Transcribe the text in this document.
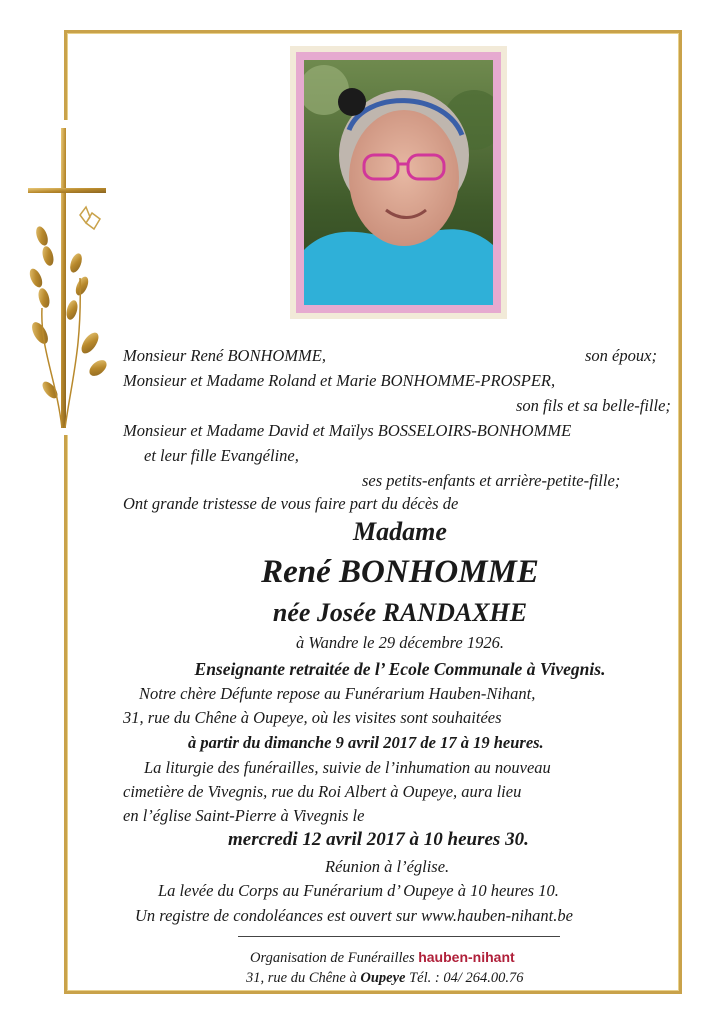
Monsieur René BONHOMME,	son époux;
Monsieur et Madame Roland et Marie BONHOMME-PROSPER,
son fils et sa belle-fille;
Monsieur et Madame David et Maïlys BOSSELOIRS-BONHOMME
et leur fille Evangéline,
ses petits-enfants et arrière-petite-fille;
Ont grande tristesse de vous faire part du décès de
Madame
René BONHOMME
née Josée RANDAXHE
à Wandre le 29 décembre 1926.
Enseignante retraitée de l’ Ecole Communale à Vivegnis.
Notre chère Défunte repose au Funérarium Hauben-Nihant,
31, rue du Chêne à Oupeye, où les visites sont souhaitées
à partir du dimanche 9 avril 2017 de 17 à 19 heures.
La liturgie des funérailles, suivie de l’inhumation au nouveau
cimetière de Vivegnis, rue du Roi Albert à Oupeye, aura lieu
en l’église Saint-Pierre à Vivegnis le
mercredi 12 avril 2017 à 10 heures 30.
Réunion à l’église.
La levée du Corps au Funérarium d’ Oupeye à 10 heures 10.
Un registre de condoléances est ouvert sur www.hauben-nihant.be
Organisation de Funérailles hauben-nihant
31, rue du Chêne à Oupeye Tél. : 04/ 264.00.76
